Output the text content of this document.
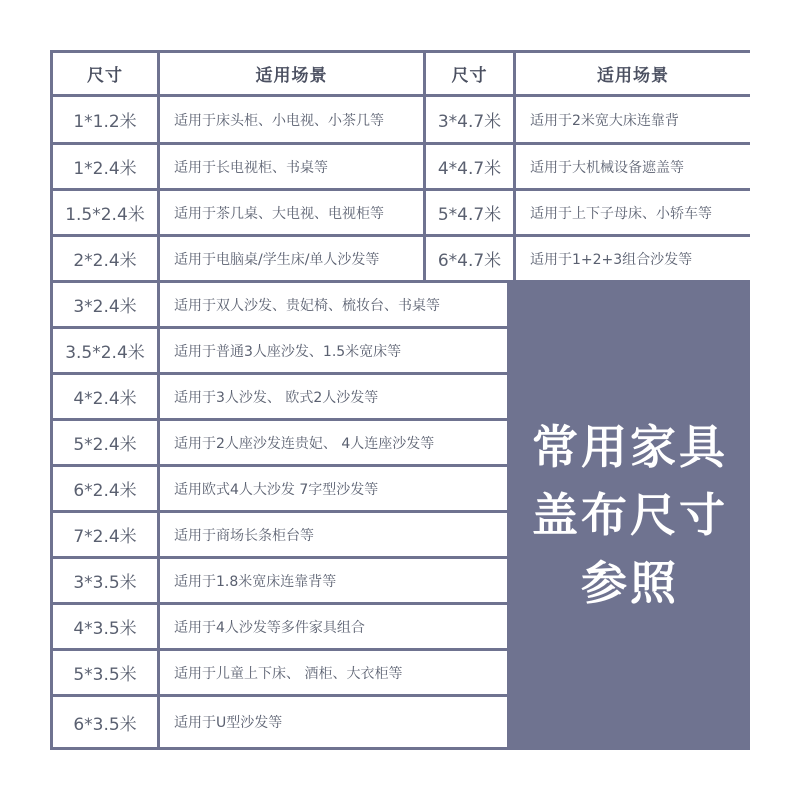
尺寸	适用场景	尺寸	适用场景
1*1.2米	适用于床头柜、小电视、小茶几等	3*4.7米	适用于2米宽大床连靠背
1*2.4米	适用于长电视柜、书桌等	4*4.7米	适用于大机械设备遮盖等
1.5*2.4米	适用于茶几桌、大电视、电视柜等	5*4.7米	适用于上下子母床、小轿车等
2*2.4米	适用于电脑桌/学生床/单人沙发等	6*4.7米	适用于1+2+3组合沙发等
3*2.4米	适用于双人沙发、贵妃椅、梳妆台、书桌等
3.5*2.4米	适用于普通3人座沙发、1.5米宽床等
4*2.4米	适用于3人沙发、 欧式2人沙发等
5*2.4米	适用于2人座沙发连贵妃、 4人连座沙发等
6*2.4米	适用欧式4人大沙发 7字型沙发等
7*2.4米	适用于商场长条柜台等
3*3.5米	适用于1.8米宽床连靠背等
4*3.5米	适用于4人沙发等多件家具组合
5*3.5米	适用于儿童上下床、 酒柜、大衣柜等
6*3.5米	适用于U型沙发等
常用家具
盖布尺寸
参照
